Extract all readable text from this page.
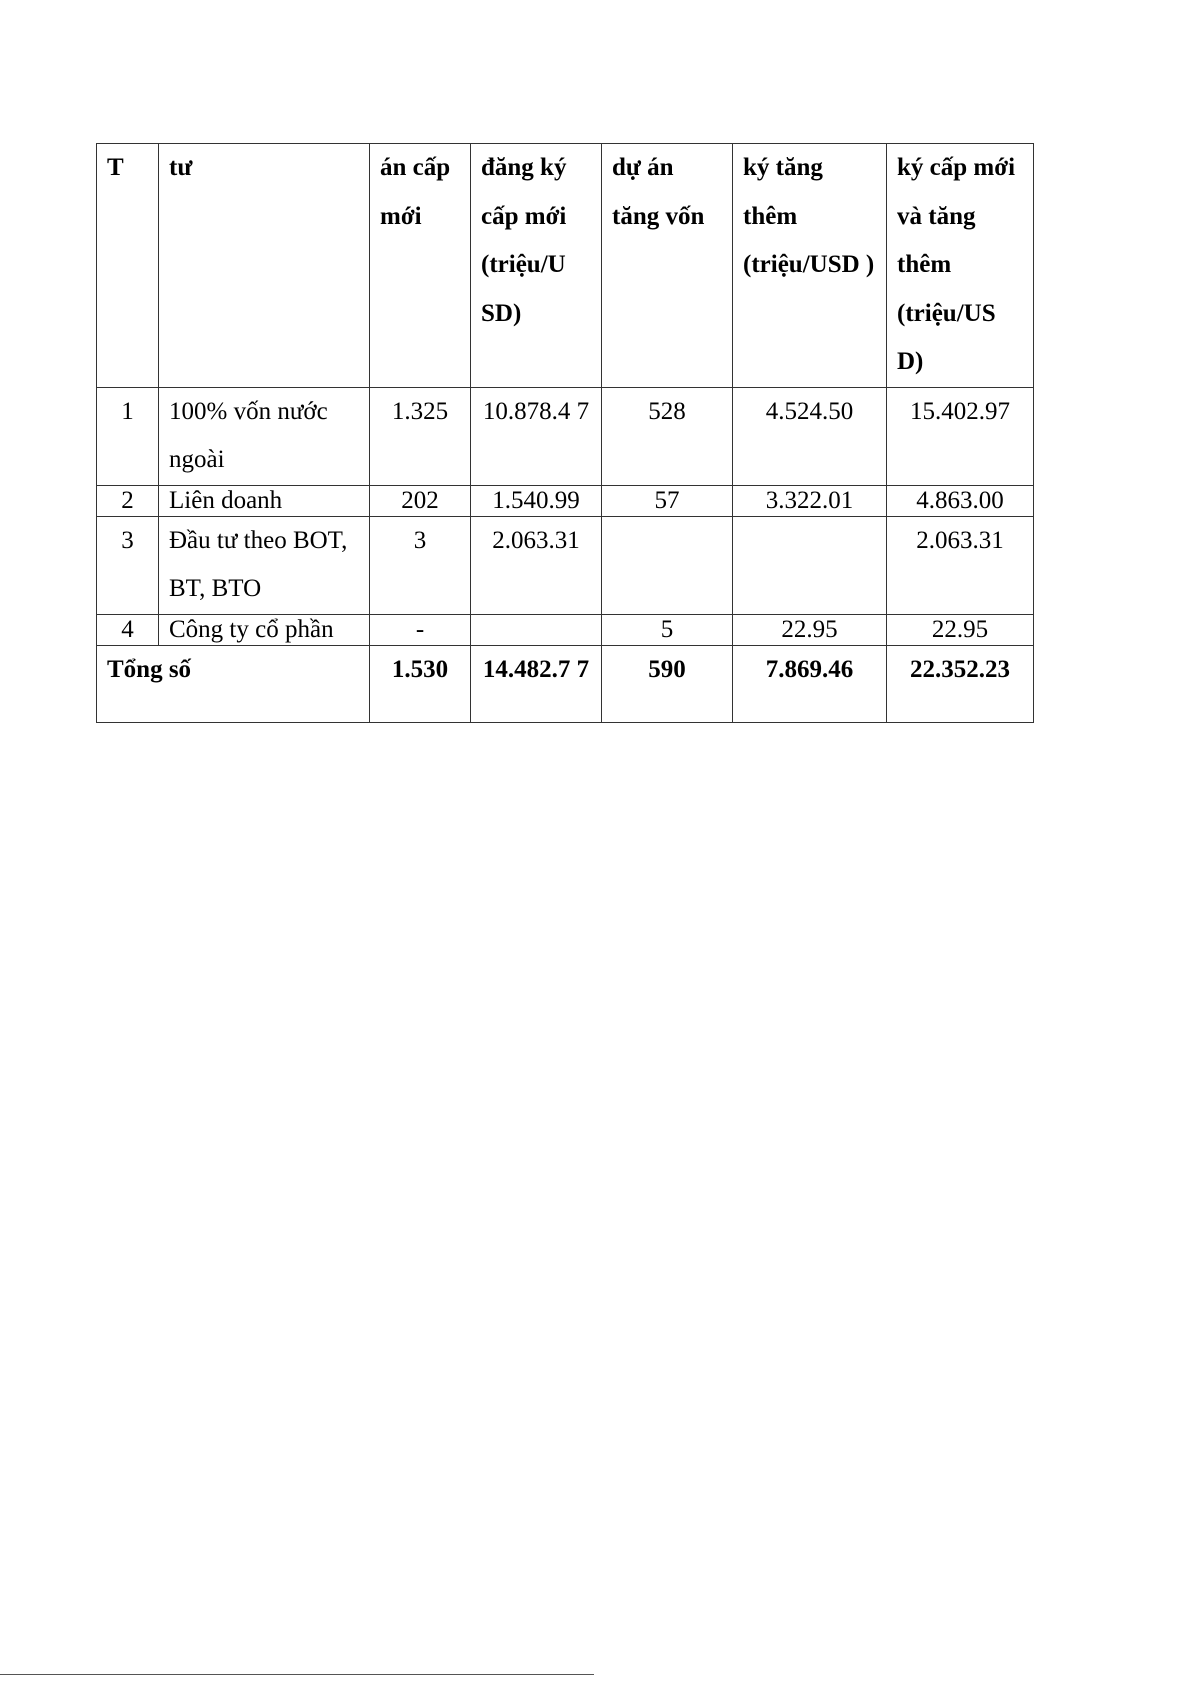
T	tư	án cấp mới	đăng ký cấp mới (triệu/U SD)	dự án tăng vốn	ký tăng thêm (triệu/USD )	ký cấp mới và tăng thêm (triệu/US D)
1	100% vốn nước ngoài	1.325	10.878.4 7	528	4.524.50	15.402.97
2	Liên doanh	202	1.540.99	57	3.322.01	4.863.00
3	Đầu tư theo BOT, BT, BTO	3	2.063.31			2.063.31
4	Công ty cổ phần	-		5	22.95	22.95
Tổng số		1.530	14.482.7 7	590	7.869.46	22.352.23
